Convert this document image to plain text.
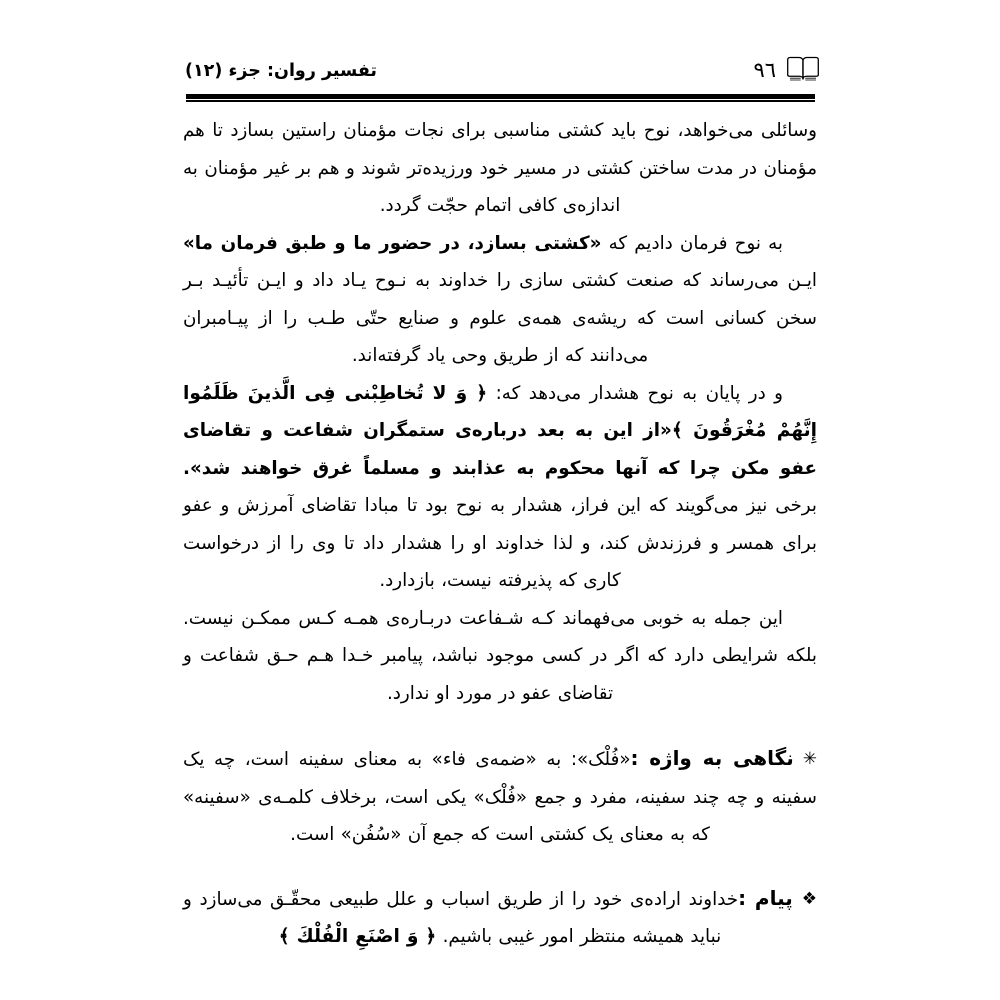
تفسیر روان: جزء (۱۲)	٩٦

وسائلی می‌خواهد، نوح باید کشتی مناسبی برای نجات مؤمنان راستین بسازد تا هم مؤمنان در مدت ساختن کشتی در مسیر خود ورزیده‌تر شوند و هم بر غیر مؤمنان به اندازه‌ی کافی اتمام حجّت گردد.

به نوح فرمان دادیم که «کشتی بسازد، در حضور ما و طبق فرمان ما» ایـن می‌رساند که صنعت کشتی سازی را خداوند به نـوح یـاد داد و ایـن تأئیـد بـر سخن کسانی است که ریشه‌ی همه‌ی علوم و صنایع حتّی طـب را از پیـامبران می‌دانند که از طریق وحی یاد گرفته‌اند.

و در پایان به نوح هشدار می‌دهد که: ﴿ وَ لا تُخاطِبْنى فِى الَّذینَ ظَلَمُوا إِنَّهُمْ مُغْرَقُونَ ﴾«از این به بعد درباره‌ی ستمگران شفاعت و تقاضای عفو مکن چرا که آنها محکوم به عذابند و مسلماً غرق خواهند شد». برخی نیز می‌گویند که این فراز، هشدار به نوح بود تا مبادا تقاضای آمرزش و عفو برای همسر و فرزندش کند، و لذا خداوند او را هشدار داد تا وی را از درخواست کاری که پذیرفته نیست، بازدارد.

این جمله به خوبی می‌فهماند کـه شـفاعت دربـاره‌ی همـه کـس ممکـن نیست. بلکه شرایطی دارد که اگر در کسی موجود نباشد، پیامبر خـدا هـم حـق شفاعت و تقاضای عفو در مورد او ندارد.

✳نگاهی به واژه :«فُلْک»: به «ضمه‌ی فاء» به معنای سفینه است، چه یک سفینه و چه چند سفینه، مفرد و جمع «فُلْک» یکی است، برخلاف کلمـه‌ی «سفینه» که به معنای یک کشتی است که جمع آن «سُفُن» است.

❖پیام :خداوند اراده‌ی خود را از طریق اسباب و علل طبیعی محقّـق می‌سازد و نباید همیشه منتظر امور غیبی باشیم. ﴿ وَ اصْنَعِ الْفُلْكَ ﴾
